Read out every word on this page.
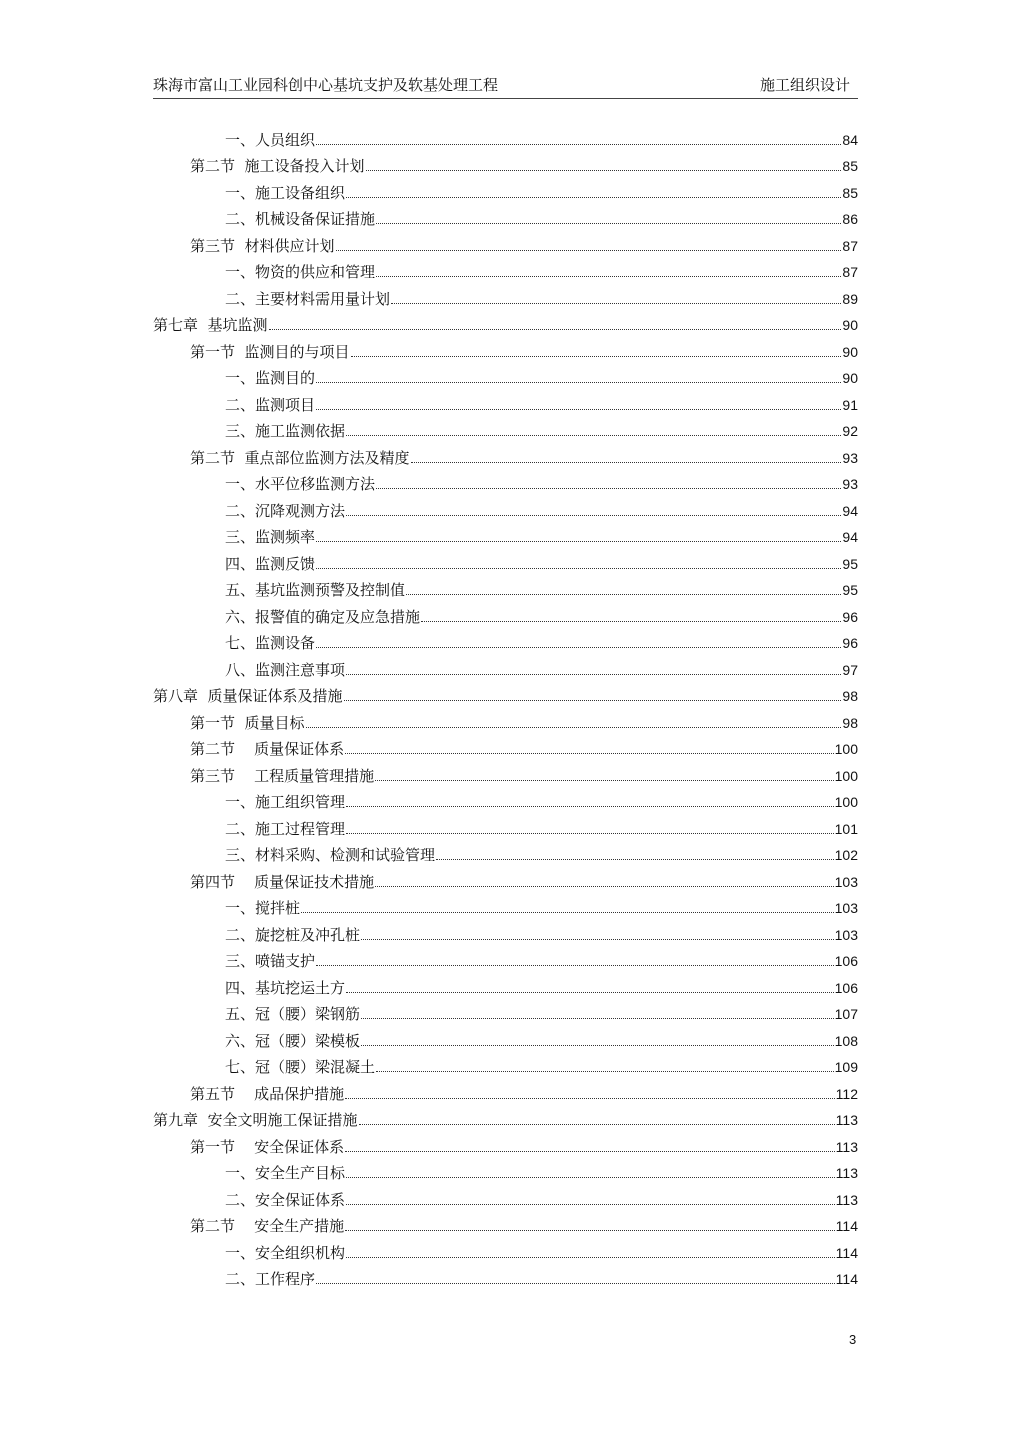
珠海市富山工业园科创中心基坑支护及软基处理工程	施工组织设计
一、人员组织	84
第二节  施工设备投入计划	85
一、施工设备组织	85
二、机械设备保证措施	86
第三节  材料供应计划	87
一、物资的供应和管理	87
二、主要材料需用量计划	89
第七章  基坑监测	90
第一节  监测目的与项目	90
一、监测目的	90
二、监测项目	91
三、施工监测依据	92
第二节  重点部位监测方法及精度	93
一、水平位移监测方法	93
二、沉降观测方法	94
三、监测频率	94
四、监测反馈	95
五、基坑监测预警及控制值	95
六、报警值的确定及应急措施	96
七、监测设备	96
八、监测注意事项	97
第八章  质量保证体系及措施	98
第一节  质量目标	98
第二节    质量保证体系	100
第三节    工程质量管理措施	100
一、施工组织管理	100
二、施工过程管理	101
三、材料采购、检测和试验管理	102
第四节    质量保证技术措施	103
一、搅拌桩	103
二、旋挖桩及冲孔桩	103
三、喷锚支护	106
四、基坑挖运土方	106
五、冠（腰）梁钢筋	107
六、冠（腰）梁模板	108
七、冠（腰）梁混凝土	109
第五节    成品保护措施	112
第九章  安全文明施工保证措施	113
第一节    安全保证体系	113
一、安全生产目标	113
二、安全保证体系	113
第二节    安全生产措施	114
一、安全组织机构	114
二、工作程序	114
3
